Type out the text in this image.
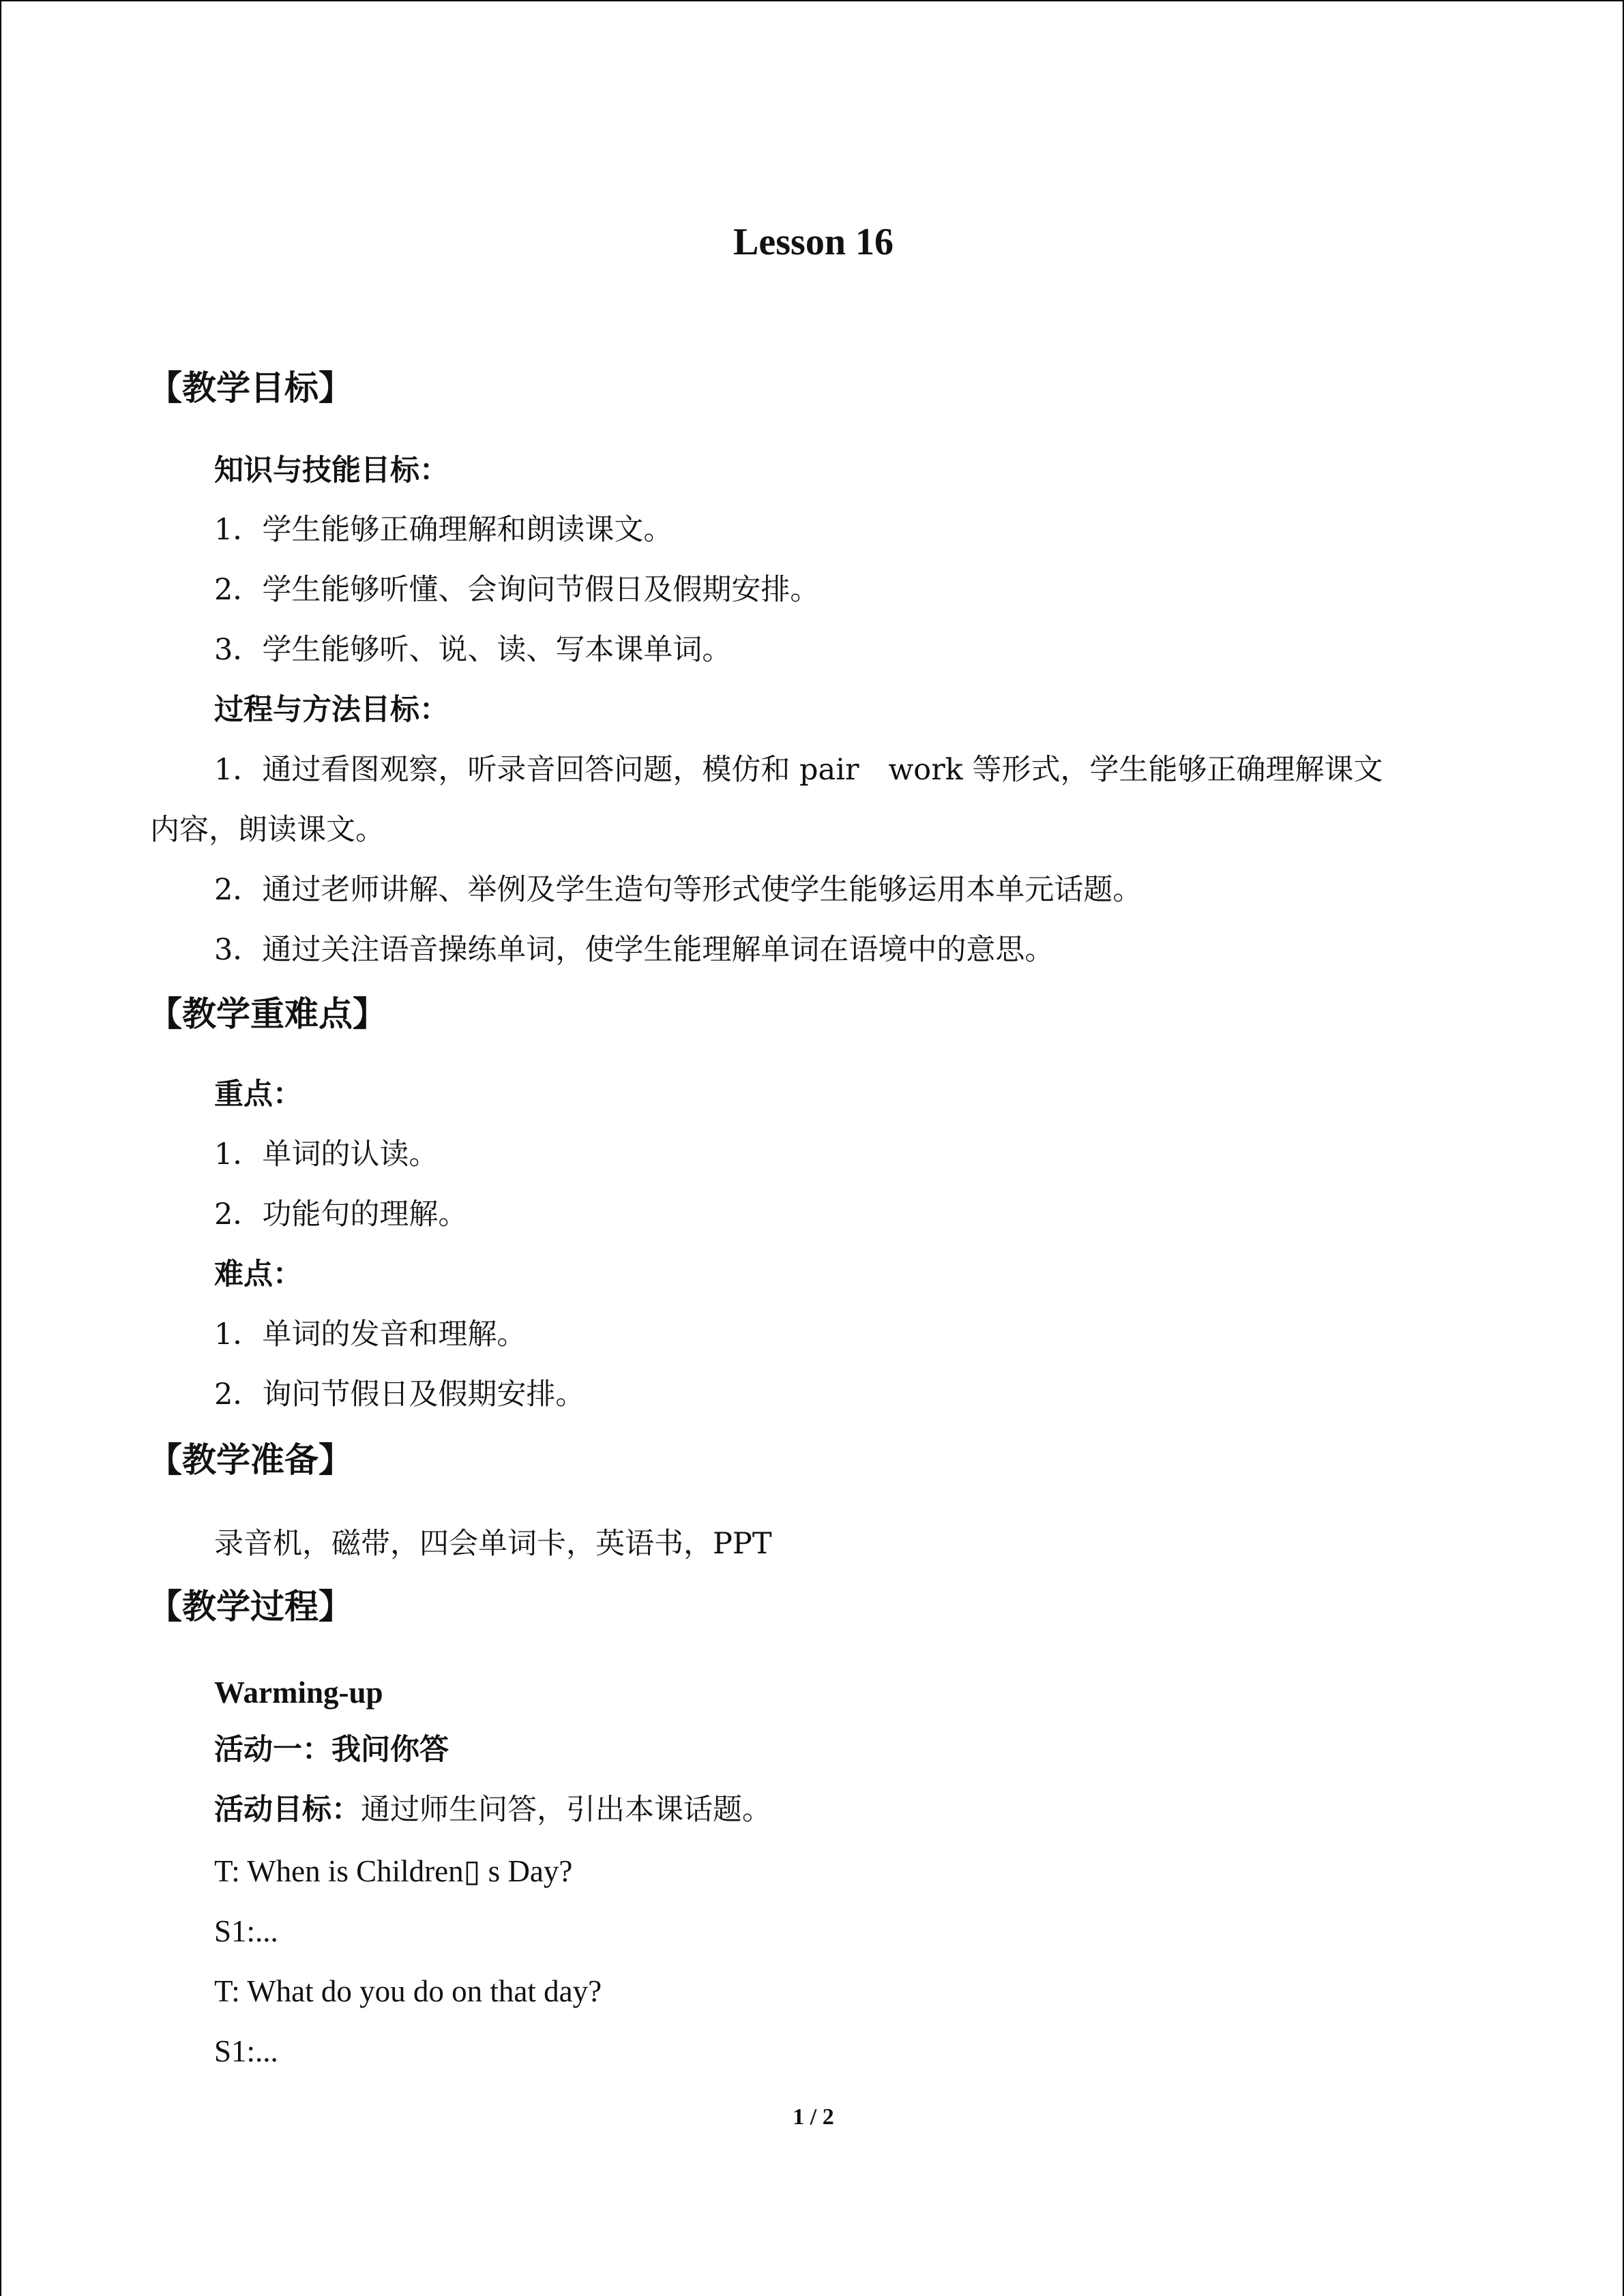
Lesson 16
【教学目标】
知识与技能目标：
1．学生能够正确理解和朗读课文。
2．学生能够听懂、会询问节假日及假期安排。
3．学生能够听、说、读、写本课单词。
过程与方法目标：
1．通过看图观察，听录音回答问题，模仿和 pair　work 等形式，学生能够正确理解课文
内容，朗读课文。
2．通过老师讲解、举例及学生造句等形式使学生能够运用本单元话题。
3．通过关注语音操练单词，使学生能理解单词在语境中的意思。
【教学重难点】
重点：
1．单词的认读。
2．功能句的理解。
难点：
1．单词的发音和理解。
2．询问节假日及假期安排。
【教学准备】
录音机，磁带，四会单词卡，英语书，PPT
【教学过程】
Warming-up
活动一：我问你答
活动目标：通过师生问答，引出本课话题。
T: When is Children▯ s Day?
S1:...
T: What do you do on that day?
S1:...
1 / 2
